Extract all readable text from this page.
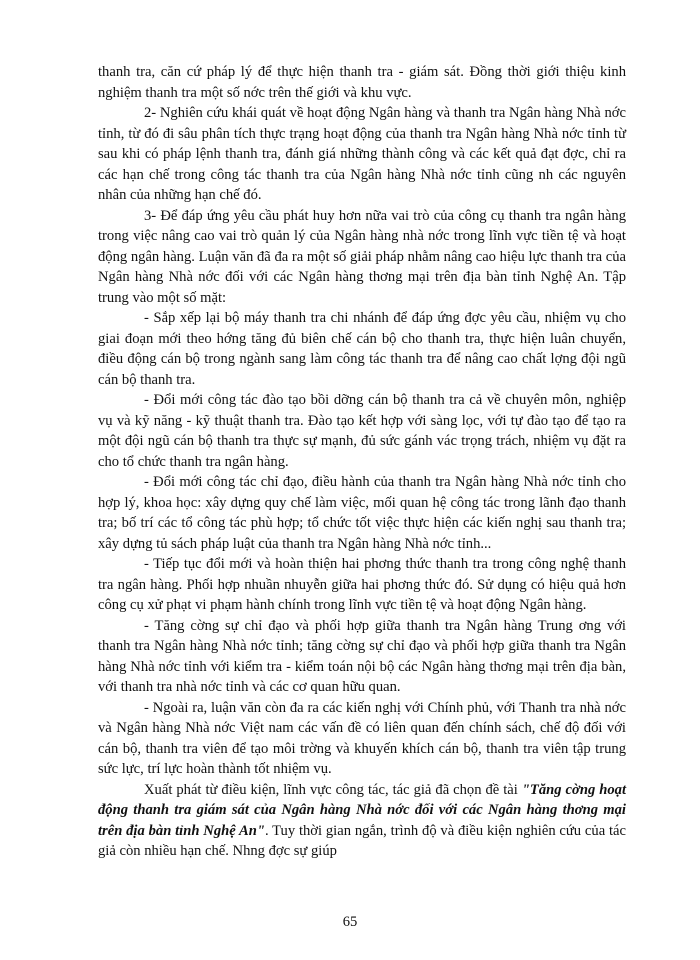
thanh tra, căn cứ pháp lý để thực hiện thanh tra - giám sát. Đồng thời giới thiệu kinh nghiệm thanh tra một số nớc trên thế giới và khu vực.

2- Nghiên cứu khái quát về hoạt động Ngân hàng và thanh tra Ngân hàng Nhà nớc tỉnh, từ đó đi sâu phân tích thực trạng hoạt động của thanh tra Ngân hàng Nhà nớc tỉnh từ sau khi có pháp lệnh thanh tra, đánh giá những thành công và các kết quả đạt đợc, chỉ ra các hạn chế trong công tác thanh tra của Ngân hàng Nhà nớc tỉnh cũng nh các nguyên nhân của những hạn chế đó.

3- Để đáp ứng yêu cầu phát huy hơn nữa vai trò của công cụ thanh tra ngân hàng trong việc nâng cao vai trò quản lý của Ngân hàng nhà nớc trong lĩnh vực tiền tệ và hoạt động ngân hàng. Luận văn đã đa ra một số giải pháp nhằm nâng cao hiệu lực thanh tra của Ngân hàng Nhà nớc đối với các Ngân hàng thơng mại trên địa bàn tỉnh Nghệ An. Tập trung vào một số mặt:

- Sắp xếp lại bộ máy thanh tra chi nhánh để đáp ứng đợc yêu cầu, nhiệm vụ cho giai đoạn mới theo hớng tăng đủ biên chế cán bộ cho thanh tra, thực hiện luân chuyển, điều động cán bộ trong ngành sang làm công tác thanh tra để nâng cao chất lợng đội ngũ cán bộ thanh tra.

- Đổi mới công tác đào tạo bồi dỡng cán bộ thanh tra cả về chuyên môn, nghiệp vụ và kỹ năng - kỹ thuật thanh tra. Đào tạo kết hợp với sàng lọc, với tự đào tạo để tạo ra một đội ngũ cán bộ thanh tra thực sự mạnh, đủ sức gánh vác trọng trách, nhiệm vụ đặt ra cho tổ chức thanh tra ngân hàng.

- Đổi mới công tác chỉ đạo, điều hành của thanh tra Ngân hàng Nhà nớc tỉnh cho hợp lý, khoa học: xây dựng quy chế làm việc, mối quan hệ công tác trong lãnh đạo thanh tra; bố trí các tổ công tác phù hợp; tổ chức tốt việc thực hiện các kiến nghị sau thanh tra; xây dựng tủ sách pháp luật của thanh tra Ngân hàng Nhà nớc tỉnh...

- Tiếp tục đổi mới và hoàn thiện hai phơng thức thanh tra trong công nghệ thanh tra ngân hàng. Phối hợp nhuần nhuyễn giữa hai phơng thức đó. Sử dụng có hiệu quả hơn công cụ xử phạt vi phạm hành chính trong lĩnh vực tiền tệ và hoạt động Ngân hàng.

- Tăng cờng sự chỉ đạo và phối hợp giữa thanh tra Ngân hàng Trung ơng với thanh tra Ngân hàng Nhà nớc tỉnh; tăng cờng sự chỉ đạo và phối hợp giữa thanh tra Ngân hàng Nhà nớc tỉnh với kiểm tra - kiểm toán nội bộ các Ngân hàng thơng mại trên địa bàn, với thanh tra nhà nớc tỉnh và các cơ quan hữu quan.

- Ngoài ra, luận văn còn đa ra các kiến nghị với Chính phủ, với Thanh tra nhà nớc và Ngân hàng Nhà nớc Việt nam các vấn đề có liên quan đến chính sách, chế độ đối với cán bộ, thanh tra viên để tạo môi trờng và khuyến khích cán bộ, thanh tra viên tập trung sức lực, trí lực hoàn thành tốt nhiệm vụ.

Xuất phát từ điều kiện, lĩnh vực công tác, tác giả đã chọn đề tài "Tăng cờng hoạt động thanh tra giám sát của Ngân hàng Nhà nớc đối với các Ngân hàng thơng mại trên địa bàn tỉnh Nghệ An". Tuy thời gian ngắn, trình độ và điều kiện nghiên cứu của tác giả còn nhiều hạn chế. Nhng đợc sự giúp

65
